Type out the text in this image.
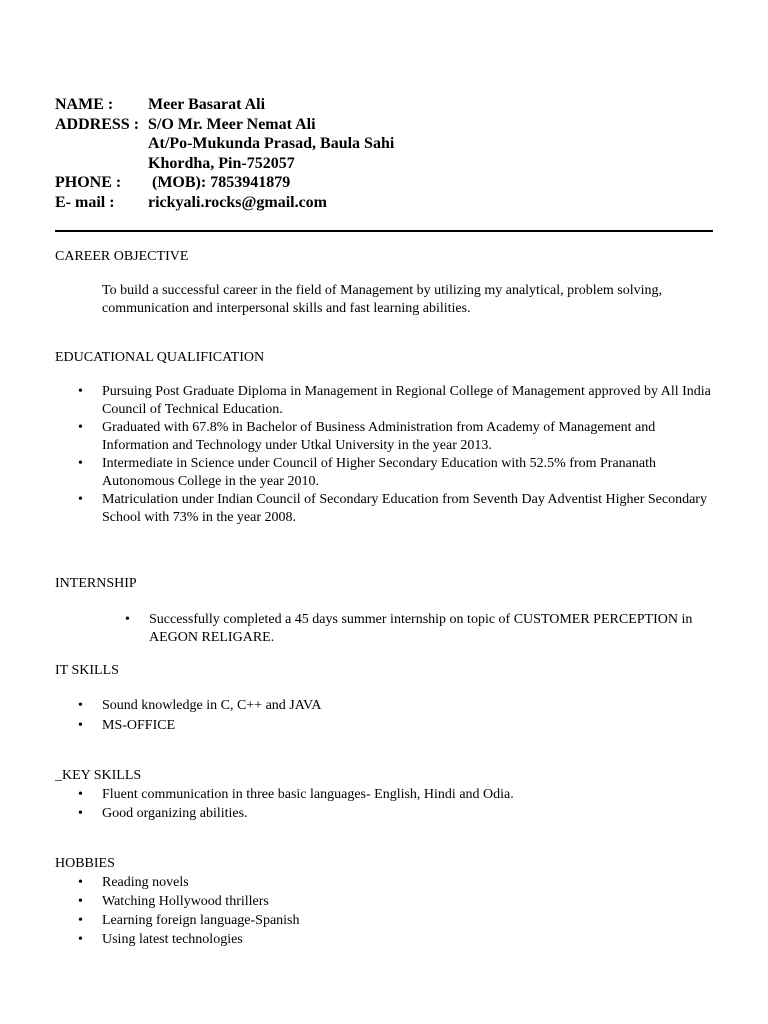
NAME :	Meer Basarat Ali
ADDRESS : S/O Mr. Meer Nemat Ali
At/Po-Mukunda Prasad, Baula Sahi
Khordha, Pin-752057
PHONE :	(MOB): 7853941879
E- mail :	rickyali.rocks@gmail.com
CAREER OBJECTIVE
To build a successful career in the field of Management by utilizing my analytical, problem solving, communication and interpersonal skills and fast learning abilities.
EDUCATIONAL QUALIFICATION
• Pursuing Post Graduate Diploma in Management in Regional College of Management approved by All India Council of Technical Education.
• Graduated with 67.8% in Bachelor of Business Administration from Academy of Management and Information and Technology under Utkal University in the year 2013.
• Intermediate in Science under Council of Higher Secondary Education with 52.5% from Prananath Autonomous College in the year 2010.
• Matriculation under Indian Council of Secondary Education from Seventh Day Adventist Higher Secondary School with 73% in the year 2008.
INTERNSHIP
• Successfully completed a 45 days summer internship on topic of CUSTOMER PERCEPTION in AEGON RELIGARE.
IT SKILLS
• Sound knowledge in C, C++ and JAVA
• MS-OFFICE
_KEY SKILLS
• Fluent communication in three basic languages- English, Hindi and Odia.
• Good organizing abilities.
HOBBIES
• Reading novels
• Watching Hollywood thrillers
• Learning foreign language-Spanish
• Using latest technologies
